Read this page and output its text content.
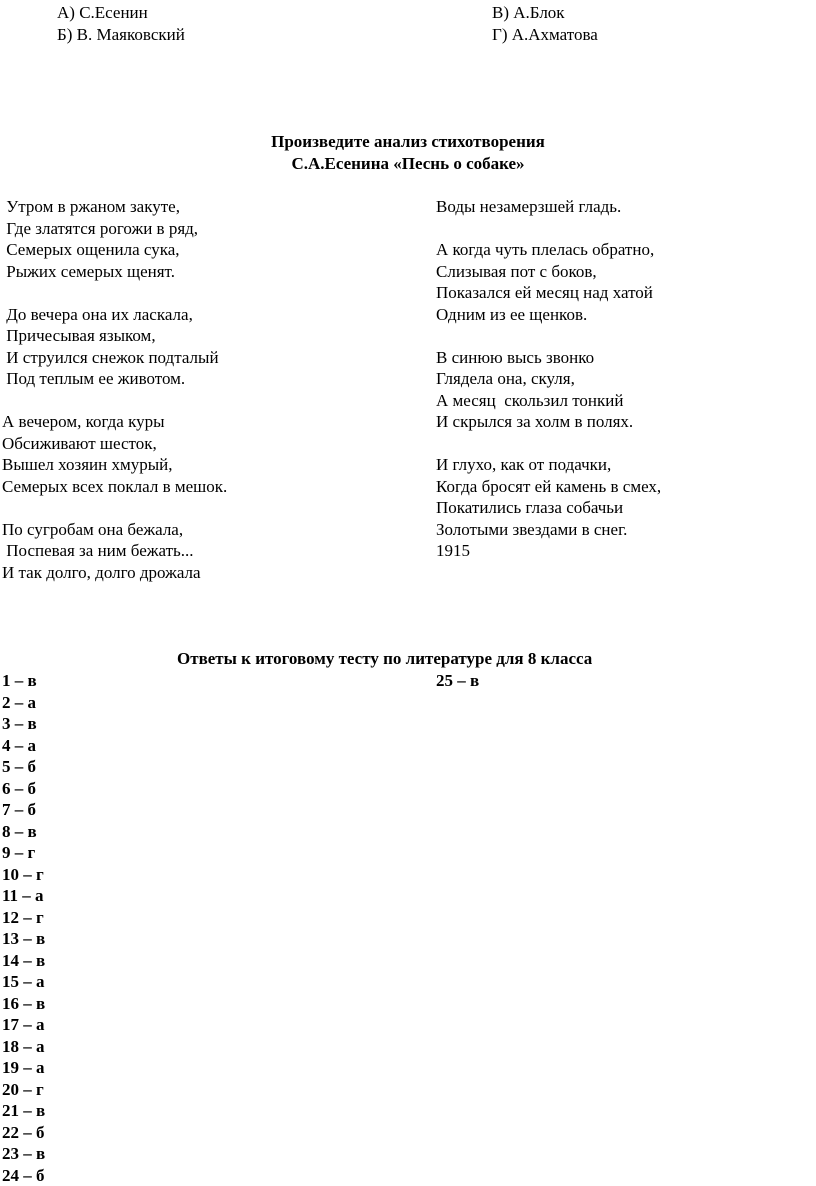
А) С.Есенин
Б) В. Маяковский
В) А.Блок
Г) А.Ахматова
Произведите анализ стихотворения
С.А.Есенина «Песнь о собаке»
Утром в ржаном закуте,
Где златятся рогожи в ряд,
Семерых ощенила сука,
Рыжих семерых щенят.
До вечера она их ласкала,
Причесывая языком,
И струился снежок подталый
Под теплым ее животом.
А вечером, когда куры
Обсиживают шесток,
Вышел хозяин хмурый,
Семерых всех поклал в мешок.
По сугробам она бежала,
Поспевая за ним бежать...
И так долго, долго дрожала
Воды незамерзшей гладь.
А когда чуть плелась обратно,
Слизывая пот с боков,
Показался ей месяц над хатой
Одним из ее щенков.
В синюю высь звонко
Глядела она, скуля,
А месяц  скользил тонкий
И скрылся за холм в полях.
И глухо, как от подачки,
Когда бросят ей камень в смех,
Покатились глаза собачьи
Золотыми звездами в снег.
1915
Ответы к итоговому тесту по литературе для 8 класса
1 – в
2 – а
3 – в
4 – а
5 – б
6 – б
7 – б
8 – в
9 – г
10 – г
11 – а
12 – г
13 – в
14 – в
15 – а
16 – в
17 – а
18 – а
19 – а
20 – г
21 – в
22 – б
23 – в
24 – б
25 – в
